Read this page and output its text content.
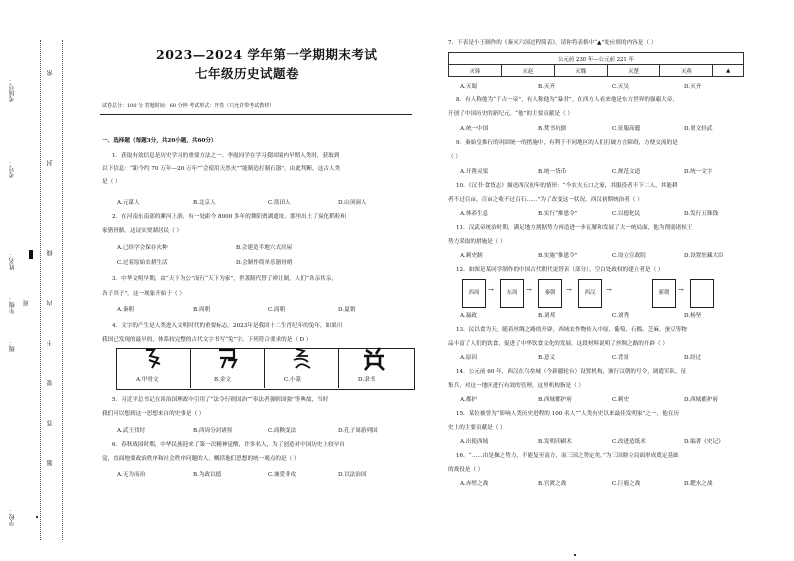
考场号：
考号：
姓名：
年级： 班
级：
学校：
密
封
线
内
不
要
答
题
2023—2024 学年第一学期期末考试
七年级历史试题卷
试卷总分：100 分 答题时间：60 分钟 考试形式：开卷（只允许带考试教材）
一、选择题（每题3分，共20小题，共60分）
1．获取有效信息是历史学习的重要方法之一。李霞同学在学习我国境内早期人类时，获取到
以下信息：“距今约 70 万年—20 万年”“会使用天然火”“能制造打制石器”。由此判断，这古人类
是（ ）
A.元谋人	B.北京人	C.蓝田人	D.山顶洞人
2．在河南东南部的漯河上游，有一处距今 8000 多年的舞阳贾湖遗址。那里出土了炭化稻粒和
家猪骨骼。这证实贾湖居民（ ）
A.已经学会保存火种	B.会建造半地穴式房屋
C.过着原始农耕生活	D.会制作简单乐器骨哨
3．中华文明早期，由“天下为公”而行“天下为家”，世袭制代替了禅让制，人们“各亲其亲，
各子其子”。这一现象开始于（ ）
A.秦朝	B.周朝	C.商朝	D.夏朝
4．文字的产生是人类进入文明时代的重要标志。2023年是我国十二生肖纪年的兔年，如果川
我国已发现的最早的，体系较完整的古代文字书写“兔”字，下列符合要求的是（ D ）
A.甲骨文	B.金文	C.小篆	D.隶书
5．习近平总书记在谈治国理政中引用了“法令行则国治”“奉法者强则国强”等典故，当时
我们可以想到这一思想来自的史事是（ ）
A.武王伐纣	B.西周分封诸侯	C.商鞅变法	D.孔子周游列国
6．春秋战国时期，中华民族迎来了第一次精神觉醒，许多名人，为了创造对中国历史上较早自
觉，直面地要政治秩序和社会秩序问题的人，概括他们思想的统一观点的是（ ）
A.无为而治	B.为政以德	C.兼爱非攻	D.以法治国
7．下表是小王制作的《秦灭六国过程简表》，请你将表格中“▲”处应填的内容是（ ）
公元前 230 年—公元前 221 年
灭韩	灭赵	灭魏	灭楚	灭燕	▲
A.灭蜀	B.灭齐	C.灭吴	D.灭齐
8．有人称他为“千古一帝”，有人称他为“暴君”。在西方人看来他是东方世界的强霸大帝，
开创了中国历史的新纪元。“他”的主要贡献是（ ）
A.统一中国	B.焚书坑儒	C.征服高麗	D.重文轻武
9．秦始皇推行的巩固统一的措施中，有利于不同地区的人们打破方言障碍，方便交流的是
（ ）
A.开凿灵渠	B.统一货币	C.规范文道	D.统一文字
10．《汉书·食货志》描述西汉初年的情形：“今农夫五口之家，其服役者不下二人，其能耕
者不过百亩，百亩之收不过百石……”为了改变这一状况，西汉初期统治者（ ）
A.休养生息	B.实行“推恩令”	C.以德化民	D.发行五铢钱
11．汉武帝统治时期，满足地方割据势力再造进一步瓦解和发展了大一统局面，他为削弱诸侯王
势力采取的措施是（ ）
A.刺史制	B.实施“推恩令”	C.设立宣政院	D.设置驻藏大臣
12．如图是某同学制作的中国古代朝代更替表（部分），空白处政权的建立者是（ ）
西周	→	东周	→	秦朝	→	西汉	→	新朝	→
A.嬴政	B.刘邦	C.刘秀	D.杨坚
13．民以食为天。随着丝绸之路的开辟，西域农作物传入中原，葡萄、石榴、芝麻、蚕豆等物
品丰富了人们的饮食，促进了中华饮食文化的发展。这段材料说明了丝绸之路的开辟（ ）
A.原因	B.意义	C.背景	D.经过
14．公元前 60 年，西汉在乌垒城（今新疆轮台）设置机构，颁行汉朝的号令，调遣军队，征
集兵，对这一地区进行有效的管理。这里机构指是（ ）
A.都护	B.西域都护府	C.刺史	D.西域都护府
15．某位被誉为“影响人类历史进程的 100 名人”“人类有史以来最佳发明家”之一，他在历
史上的主要贡献是（ ）
A.出使西域	B.发明印刷术	C.改进造纸术	D.编著《史记》
16．“……由是操之势力，不能复至南方，而三国之势定矣。”为三国鼎立局面形成奠定基础
的战役是（ ）
A.赤壁之战	B.官渡之战	C.巨鹿之战	D.淝水之战
